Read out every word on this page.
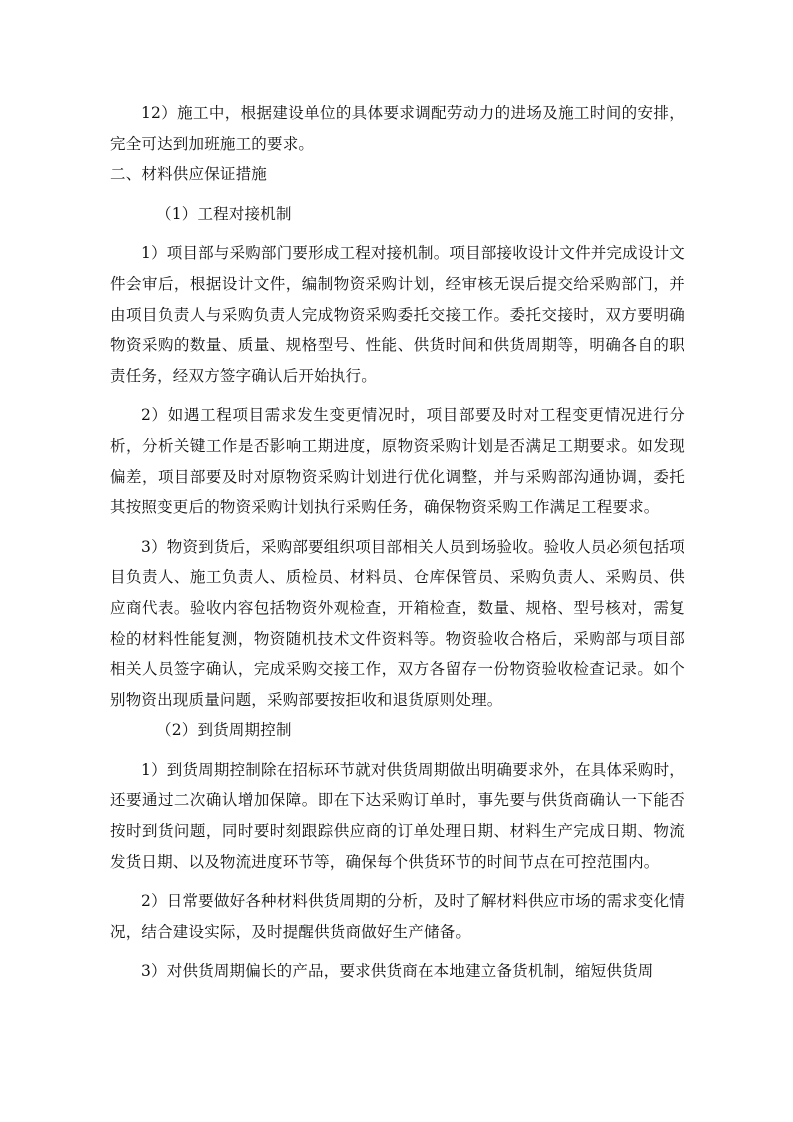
12）施工中，根据建设单位的具体要求调配劳动力的进场及施工时间的安排，完全可达到加班施工的要求。

二、材料供应保证措施

（1）工程对接机制

1）项目部与采购部门要形成工程对接机制。项目部接收设计文件并完成设计文件会审后，根据设计文件，编制物资采购计划，经审核无误后提交给采购部门，并由项目负责人与采购负责人完成物资采购委托交接工作。委托交接时，双方要明确物资采购的数量、质量、规格型号、性能、供货时间和供货周期等，明确各自的职责任务，经双方签字确认后开始执行。

2）如遇工程项目需求发生变更情况时，项目部要及时对工程变更情况进行分析，分析关键工作是否影响工期进度，原物资采购计划是否满足工期要求。如发现偏差，项目部要及时对原物资采购计划进行优化调整，并与采购部沟通协调，委托其按照变更后的物资采购计划执行采购任务，确保物资采购工作满足工程要求。

3）物资到货后，采购部要组织项目部相关人员到场验收。验收人员必须包括项目负责人、施工负责人、质检员、材料员、仓库保管员、采购负责人、采购员、供应商代表。验收内容包括物资外观检查，开箱检查，数量、规格、型号核对，需复检的材料性能复测，物资随机技术文件资料等。物资验收合格后，采购部与项目部相关人员签字确认，完成采购交接工作，双方各留存一份物资验收检查记录。如个别物资出现质量问题，采购部要按拒收和退货原则处理。

（2）到货周期控制

1）到货周期控制除在招标环节就对供货周期做出明确要求外，在具体采购时，还要通过二次确认增加保障。即在下达采购订单时，事先要与供货商确认一下能否按时到货问题，同时要时刻跟踪供应商的订单处理日期、材料生产完成日期、物流发货日期、以及物流进度环节等，确保每个供货环节的时间节点在可控范围内。

2）日常要做好各种材料供货周期的分析，及时了解材料供应市场的需求变化情况，结合建设实际，及时提醒供货商做好生产储备。

3）对供货周期偏长的产品，要求供货商在本地建立备货机制，缩短供货周
